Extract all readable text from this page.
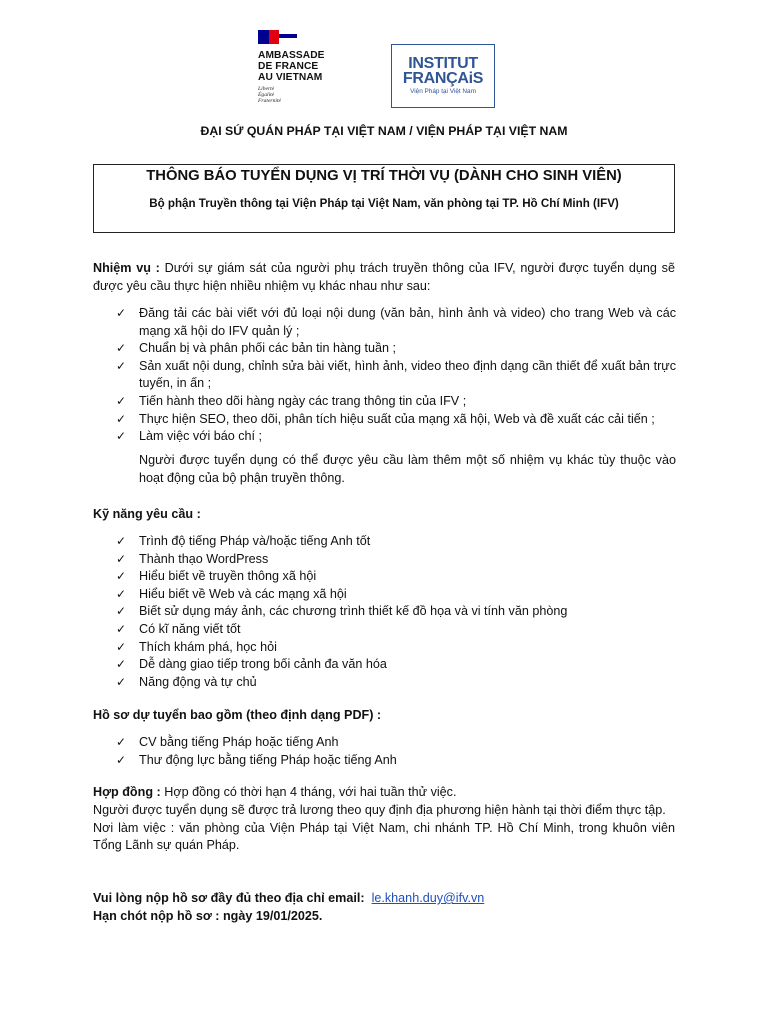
AMBASSADE
DE FRANCE
AU VIETNAM
Liberté
Égalité
Fraternité
INSTITUT
FRANÇAiS
Viện Pháp tại Việt Nam
ĐẠI SỨ QUÁN PHÁP TẠI VIỆT NAM / VIỆN PHÁP TẠI VIỆT NAM
THÔNG BÁO TUYỂN DỤNG VỊ TRÍ THỜI VỤ (DÀNH CHO SINH VIÊN)
Bộ phận Truyền thông tại Viện Pháp tại Việt Nam, văn phòng tại TP. Hồ Chí Minh (IFV)
Nhiệm vụ : Dưới sự giám sát của người phụ trách truyền thông của IFV, người được tuyển dụng sẽ được yêu cầu thực hiện nhiều nhiệm vụ khác nhau như sau:
✓ Đăng tải các bài viết với đủ loại nội dung (văn bản, hình ảnh và video) cho trang Web và các mạng xã hội do IFV quản lý ;
✓ Chuẩn bị và phân phối các bản tin hàng tuần ;
✓ Sản xuất nội dung, chỉnh sửa bài viết, hình ảnh, video theo định dạng cần thiết để xuất bản trực tuyến, in ấn ;
✓ Tiến hành theo dõi hàng ngày các trang thông tin của IFV ;
✓ Thực hiện SEO, theo dõi, phân tích hiệu suất của mạng xã hội, Web và đề xuất các cải tiến ;
✓ Làm việc với báo chí ;
Người được tuyển dụng có thể được yêu cầu làm thêm một số nhiệm vụ khác tùy thuộc vào hoạt động của bộ phận truyền thông.
Kỹ năng yêu cầu :
✓ Trình độ tiếng Pháp và/hoặc tiếng Anh tốt
✓ Thành thạo WordPress
✓ Hiểu biết về truyền thông xã hội
✓ Hiểu biết về Web và các mạng xã hội
✓ Biết sử dụng máy ảnh, các chương trình thiết kế đồ họa và vi tính văn phòng
✓ Có kĩ năng viết tốt
✓ Thích khám phá, học hỏi
✓ Dễ dàng giao tiếp trong bối cảnh đa văn hóa
✓ Năng động và tự chủ
Hồ sơ dự tuyển bao gồm (theo định dạng PDF) :
✓ CV bằng tiếng Pháp hoặc tiếng Anh
✓ Thư động lực bằng tiếng Pháp hoặc tiếng Anh
Hợp đồng : Hợp đồng có thời hạn 4 tháng, với hai tuần thử việc.
Người được tuyển dụng sẽ được trả lương theo quy định địa phương hiện hành tại thời điểm thực tập.
Nơi làm việc : văn phòng của Viện Pháp tại Việt Nam, chi nhánh TP. Hồ Chí Minh, trong khuôn viên Tổng Lãnh sự quán Pháp.
Vui lòng nộp hồ sơ đầy đủ theo địa chỉ email: le.khanh.duy@ifv.vn
Hạn chót nộp hồ sơ : ngày 19/01/2025.
